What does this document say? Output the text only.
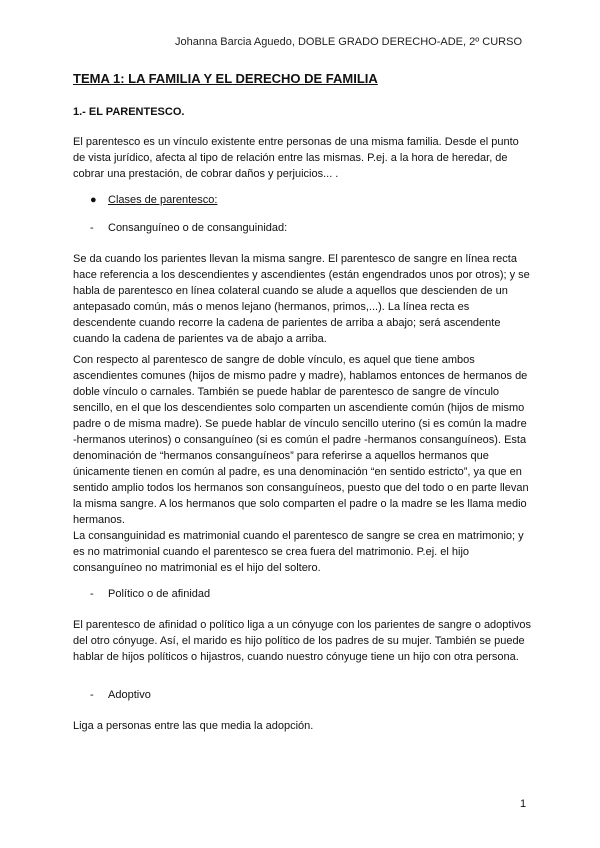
Johanna Barcia Aguedo, DOBLE GRADO DERECHO-ADE, 2º CURSO
TEMA 1: LA FAMILIA Y EL DERECHO DE FAMILIA
1.- EL PARENTESCO.
El parentesco es un vínculo existente entre personas de una misma familia. Desde el punto de vista jurídico, afecta al tipo de relación entre las mismas. P.ej. a la hora de heredar, de cobrar una prestación, de cobrar daños y perjuicios... .
● Clases de parentesco:
- Consanguíneo o de consanguinidad:
Se da cuando los parientes llevan la misma sangre. El parentesco de sangre en línea recta hace referencia a los descendientes y ascendientes (están engendrados unos por otros); y se habla de parentesco en línea colateral cuando se alude a aquellos que descienden de un antepasado común, más o menos lejano (hermanos, primos,...). La línea recta es descendente cuando recorre la cadena de parientes de arriba a abajo; será ascendente cuando la cadena de parientes va de abajo a arriba.
Con respecto al parentesco de sangre de doble vínculo, es aquel que tiene ambos ascendientes comunes (hijos de mismo padre y madre), hablamos entonces de hermanos de doble vínculo o carnales. También se puede hablar de parentesco de sangre de vínculo sencillo, en el que los descendientes solo comparten un ascendiente común (hijos de mismo padre o de misma madre). Se puede hablar de vínculo sencillo uterino (si es común la madre -hermanos uterinos) o consanguíneo (si es común el padre -hermanos consanguíneos). Esta denominación de “hermanos consanguíneos” para referirse a aquellos hermanos que únicamente tienen en común al padre, es una denominación “en sentido estricto”, ya que en sentido amplio todos los hermanos son consanguíneos, puesto que del todo o en parte llevan la misma sangre. A los hermanos que solo comparten el padre o la madre se les llama medio hermanos.
La consanguinidad es matrimonial cuando el parentesco de sangre se crea en matrimonio; y es no matrimonial cuando el parentesco se crea fuera del matrimonio. P.ej. el hijo consanguíneo no matrimonial es el hijo del soltero.
- Político o de afinidad
El parentesco de afinidad o político liga a un cónyuge con los parientes de sangre o adoptivos del otro cónyuge. Así, el marido es hijo político de los padres de su mujer. También se puede hablar de hijos políticos o hijastros, cuando nuestro cónyuge tiene un hijo con otra persona.
- Adoptivo
Liga a personas entre las que media la adopción.
1
